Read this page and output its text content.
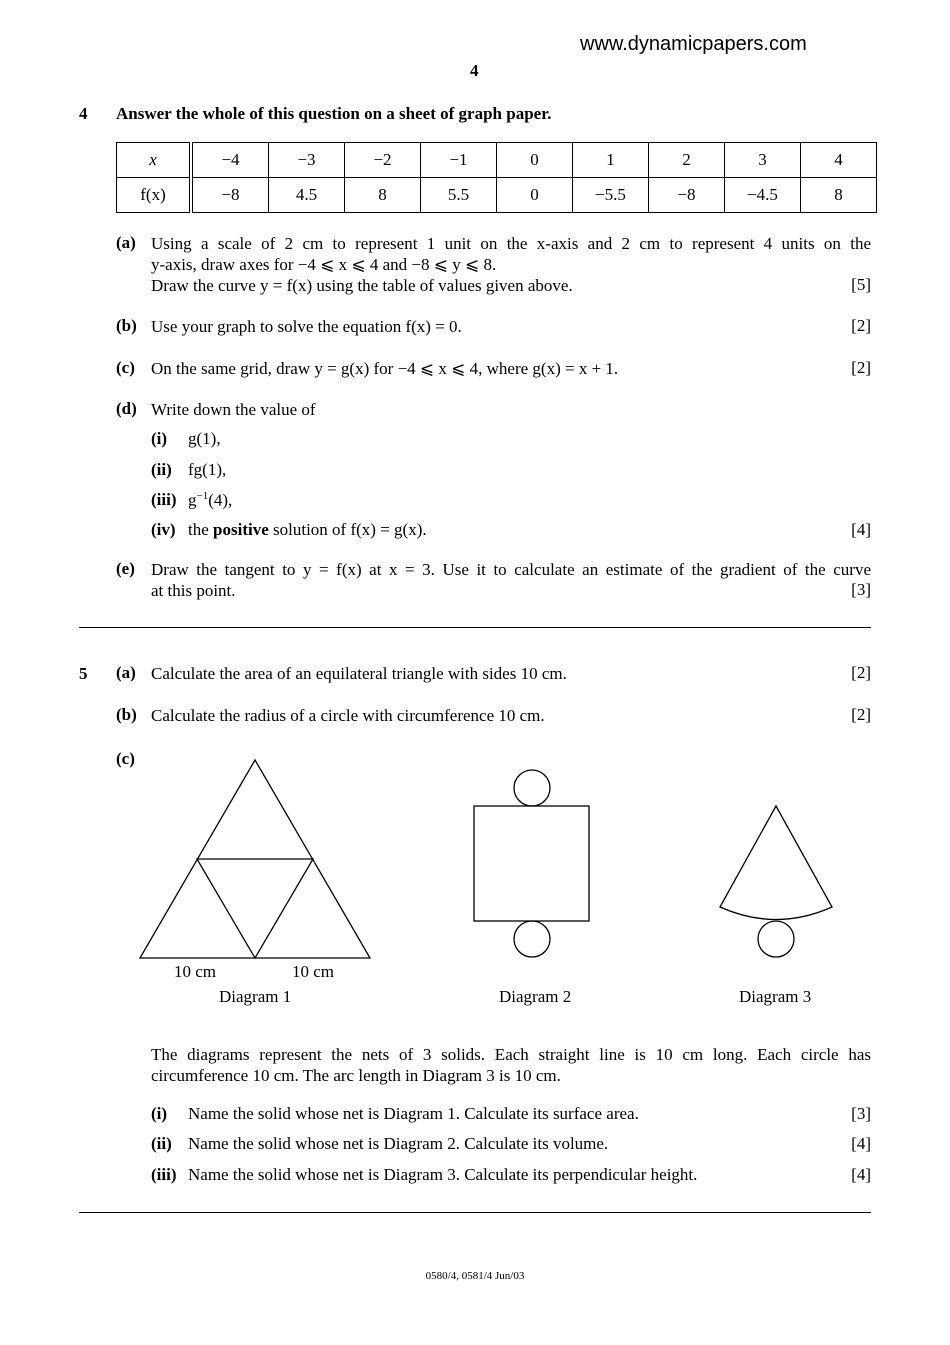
www.dynamicpapers.com
4
4 Answer the whole of this question on a sheet of graph paper.
x	−4	−3	−2	−1	0	1	2	3	4
f(x)	−8	4.5	8	5.5	0	−5.5	−8	−4.5	8
(a) Using a scale of 2 cm to represent 1 unit on the x-axis and 2 cm to represent 4 units on the
y-axis, draw axes for −4 ⩽ x ⩽ 4 and −8 ⩽ y ⩽ 8.
Draw the curve y = f(x) using the table of values given above.	[5]
(b) Use your graph to solve the equation f(x) = 0.	[2]
(c) On the same grid, draw y = g(x) for −4 ⩽ x ⩽ 4, where g(x) = x + 1.	[2]
(d) Write down the value of
(i) g(1),
(ii) fg(1),
(iii) $g^{-1}(4)$,
(iv) the positive solution of f(x) = g(x).	[4]
(e) Draw the tangent to y = f(x) at x = 3. Use it to calculate an estimate of the gradient of the curve
at this point.	[3]
5 (a) Calculate the area of an equilateral triangle with sides 10 cm.	[2]
(b) Calculate the radius of a circle with circumference 10 cm.	[2]
(c)
10 cm	10 cm
Diagram 1	Diagram 2	Diagram 3
The diagrams represent the nets of 3 solids. Each straight line is 10 cm long. Each circle has
circumference 10 cm. The arc length in Diagram 3 is 10 cm.
(i) Name the solid whose net is Diagram 1. Calculate its surface area.	[3]
(ii) Name the solid whose net is Diagram 2. Calculate its volume.	[4]
(iii) Name the solid whose net is Diagram 3. Calculate its perpendicular height.	[4]
0580/4, 0581/4 Jun/03
